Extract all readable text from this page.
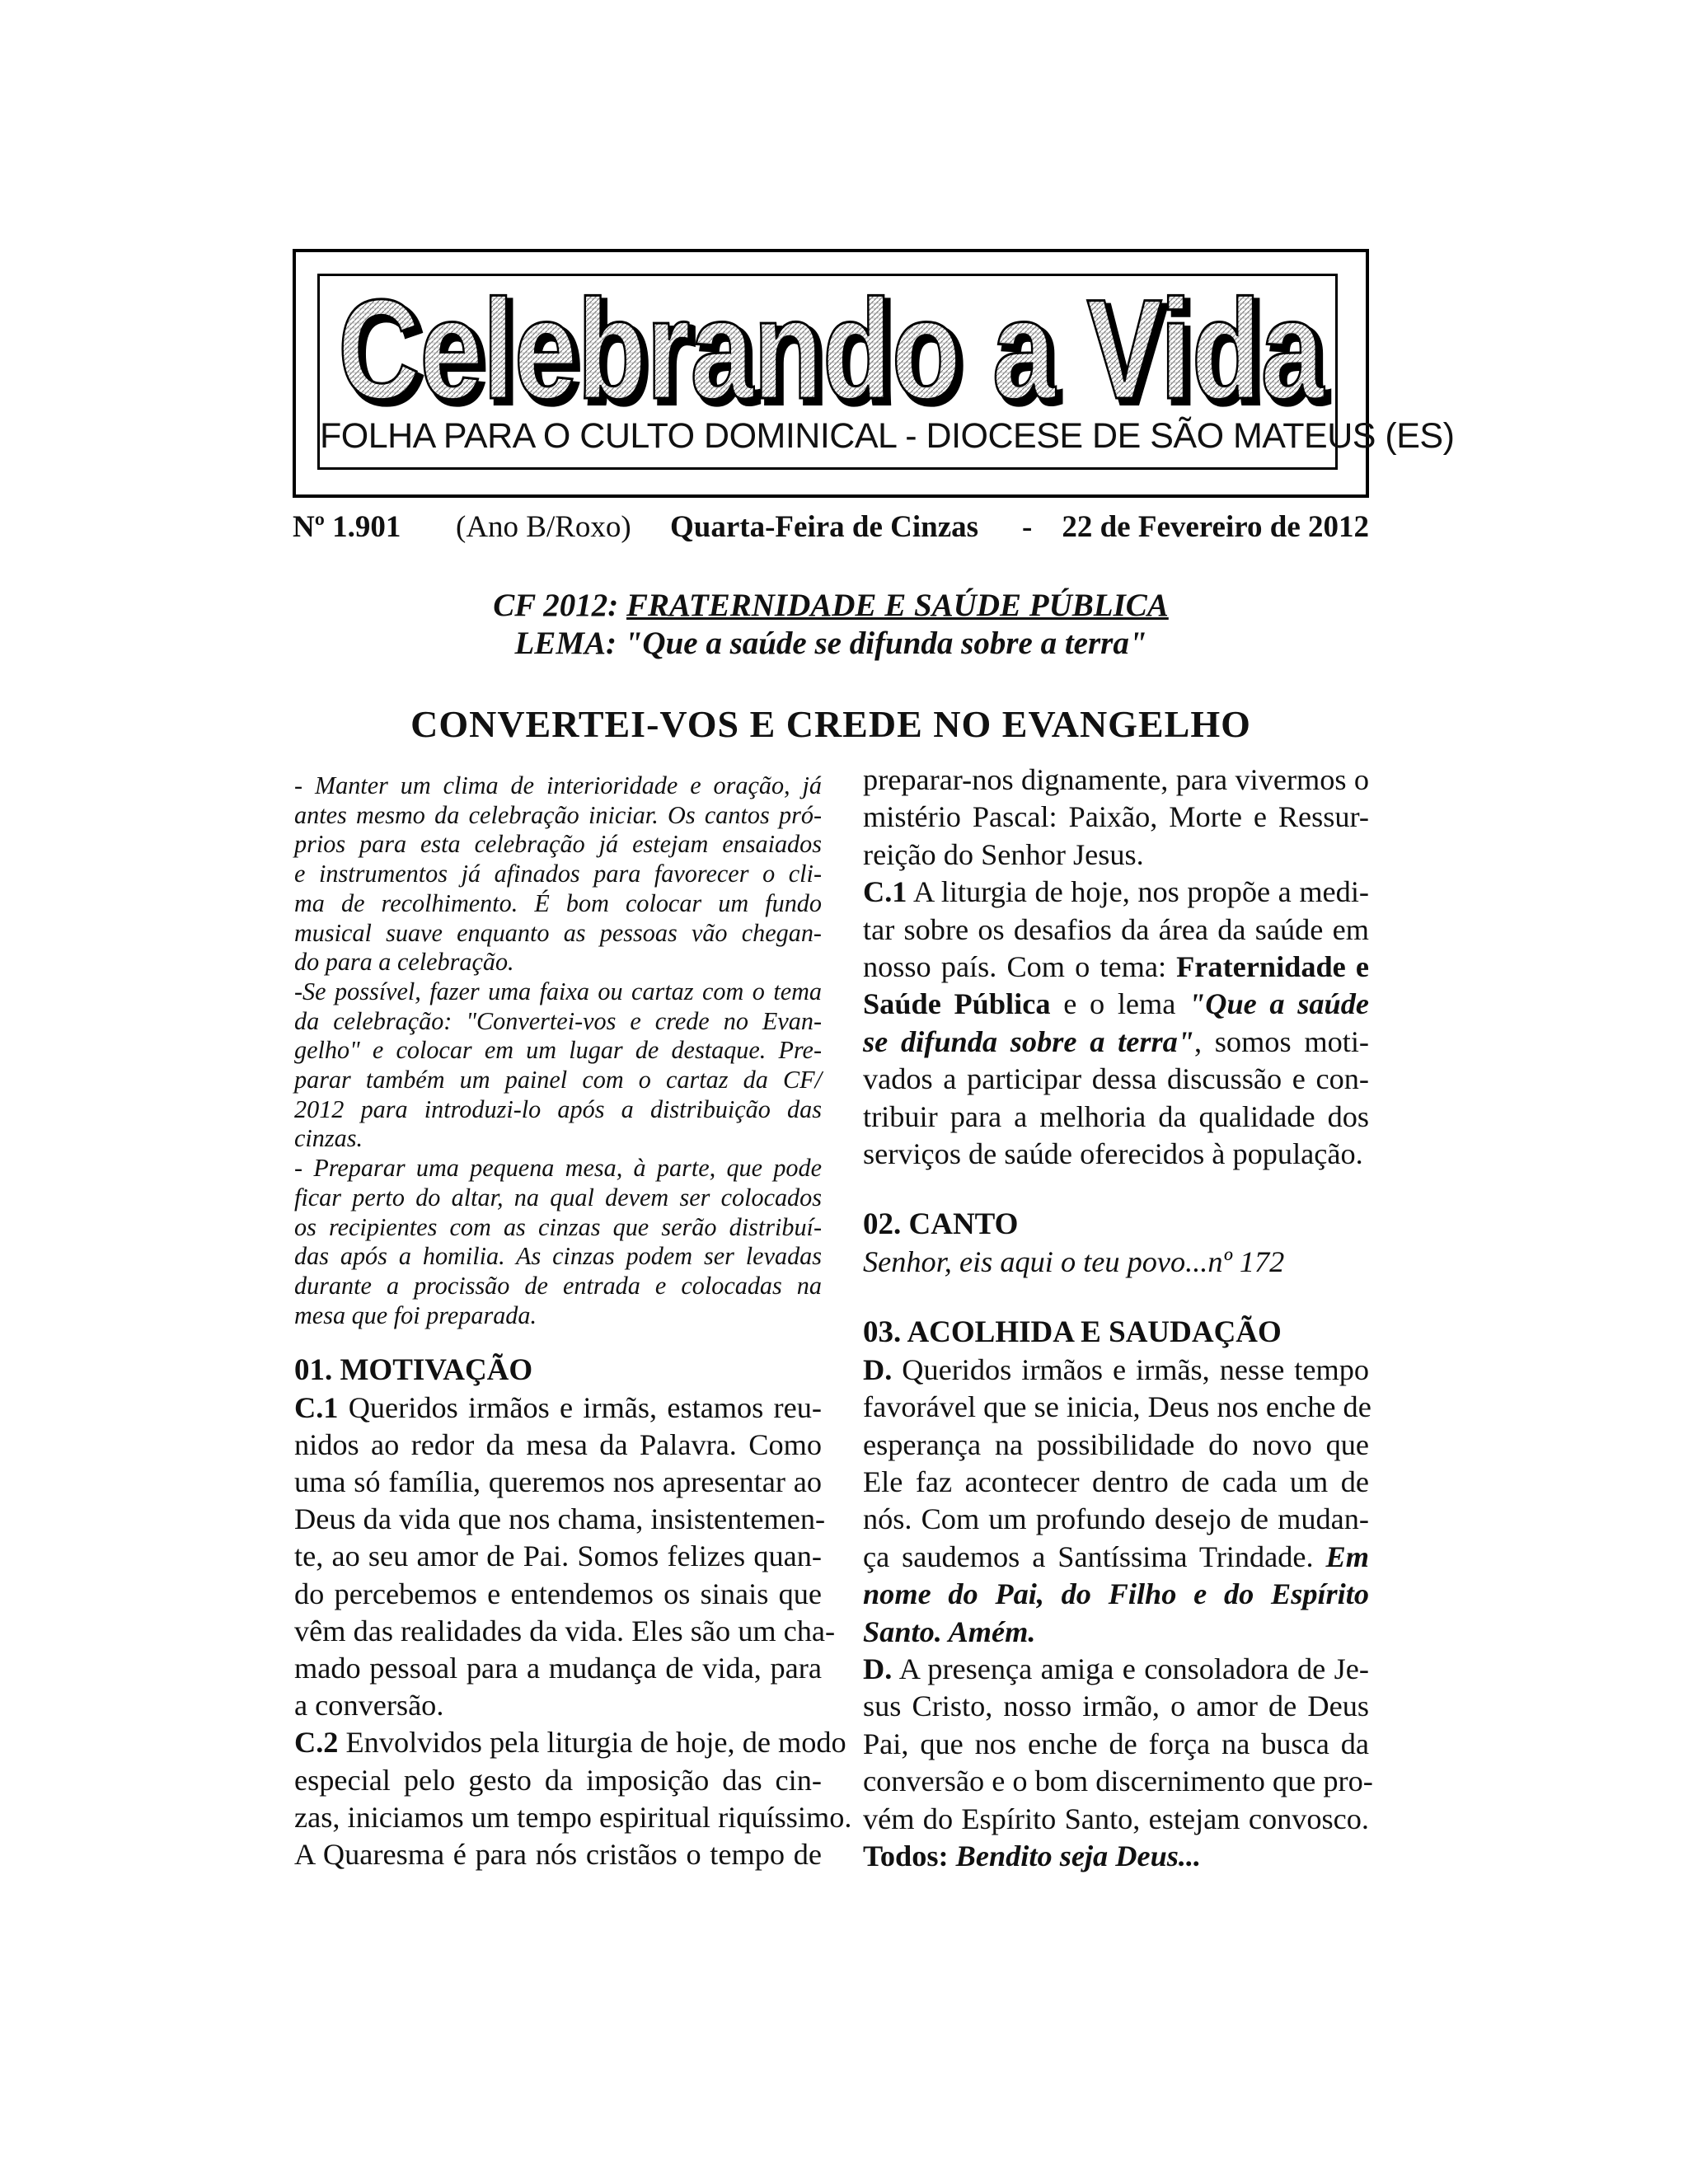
Celebrando a Vida
Celebrando a Vida
FOLHA PARA O CULTO DOMINICAL - DIOCESE DE SÃO MATEUS (ES)
Nº 1.901 (Ano B/Roxo) Quarta-Feira de Cinzas - 22 de Fevereiro de 2012
CF 2012: FRATERNIDADE E SAÚDE PÚBLICA
LEMA: "Que a saúde se difunda sobre a terra"
CONVERTEI-VOS E CREDE NO EVANGELHO
- Manter um clima de interioridade e oração, já
antes mesmo da celebração iniciar. Os cantos pró-
prios para esta celebração já estejam ensaiados
e instrumentos já afinados para favorecer o cli-
ma de recolhimento. É bom colocar um fundo
musical suave enquanto as pessoas vão chegan-
do para a celebração.
-Se possível, fazer uma faixa ou cartaz com o tema
da celebração: "Convertei-vos e crede no Evan-
gelho" e colocar em um lugar de destaque. Pre-
parar também um painel com o cartaz da CF/
2012 para introduzi-lo após a distribuição das
cinzas.
- Preparar uma pequena mesa, à parte, que pode
ficar perto do altar, na qual devem ser colocados
os recipientes com as cinzas que serão distribuí-
das após a homilia. As cinzas podem ser levadas
durante a procissão de entrada e colocadas na
mesa que foi preparada.
01. MOTIVAÇÃO
C.1 Queridos irmãos e irmãs, estamos reu-
nidos ao redor da mesa da Palavra. Como
uma só família, queremos nos apresentar ao
Deus da vida que nos chama, insistentemen-
te, ao seu amor de Pai. Somos felizes quan-
do percebemos e entendemos os sinais que
vêm das realidades da vida. Eles são um cha-
mado pessoal para a mudança de vida, para
a conversão.
C.2 Envolvidos pela liturgia de hoje, de modo
especial pelo gesto da imposição das cin-
zas, iniciamos um tempo espiritual riquíssimo.
A Quaresma é para nós cristãos o tempo de
preparar-nos dignamente, para vivermos o
mistério Pascal: Paixão, Morte e Ressur-
reição do Senhor Jesus.
C.1 A liturgia de hoje, nos propõe a medi-
tar sobre os desafios da área da saúde em
nosso país. Com o tema: Fraternidade e
Saúde Pública e o lema "Que a saúde
se difunda sobre a terra", somos moti-
vados a participar dessa discussão e con-
tribuir para a melhoria da qualidade dos
serviços de saúde oferecidos à população.
02. CANTO
Senhor, eis aqui o teu povo...nº 172
03. ACOLHIDA E SAUDAÇÃO
D. Queridos irmãos e irmãs, nesse tempo
favorável que se inicia, Deus nos enche de
esperança na possibilidade do novo que
Ele faz acontecer dentro de cada um de
nós. Com um profundo desejo de mudan-
ça saudemos a Santíssima Trindade. Em
nome do Pai, do Filho e do Espírito
Santo. Amém.
D. A presença amiga e consoladora de Je-
sus Cristo, nosso irmão, o amor de Deus
Pai, que nos enche de força na busca da
conversão e o bom discernimento que pro-
vém do Espírito Santo, estejam convosco.
Todos: Bendito seja Deus...
